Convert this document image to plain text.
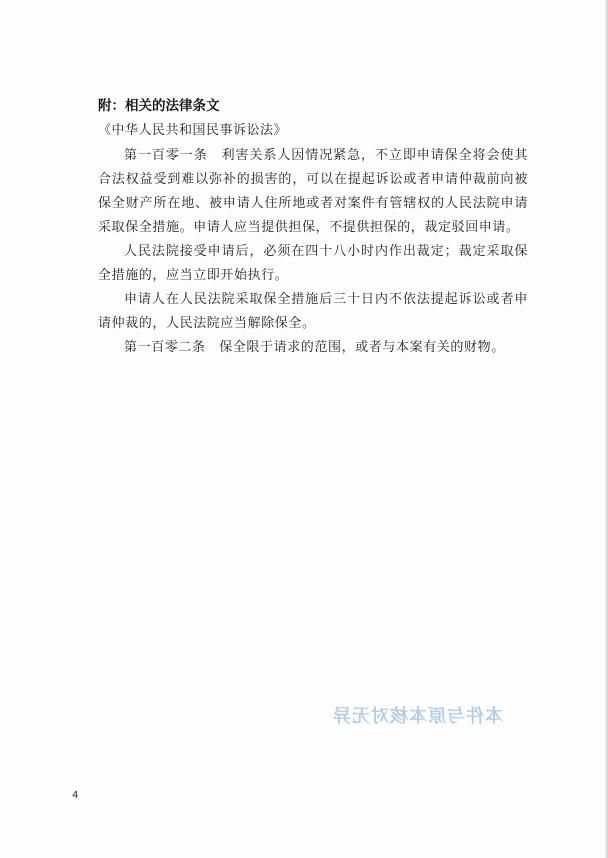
附：相关的法律条文

《中华人民共和国民事诉讼法》

第一百零一条　利害关系人因情况紧急，不立即申请保全将会使其合法权益受到难以弥补的损害的，可以在提起诉讼或者申请仲裁前向被保全财产所在地、被申请人住所地或者对案件有管辖权的人民法院申请采取保全措施。申请人应当提供担保，不提供担保的，裁定驳回申请。

人民法院接受申请后，必须在四十八小时内作出裁定；裁定采取保全措施的，应当立即开始执行。

申请人在人民法院采取保全措施后三十日内不依法提起诉讼或者申请仲裁的，人民法院应当解除保全。

第一百零二条　保全限于请求的范围，或者与本案有关的财物。

本件与原本核对无异
4
